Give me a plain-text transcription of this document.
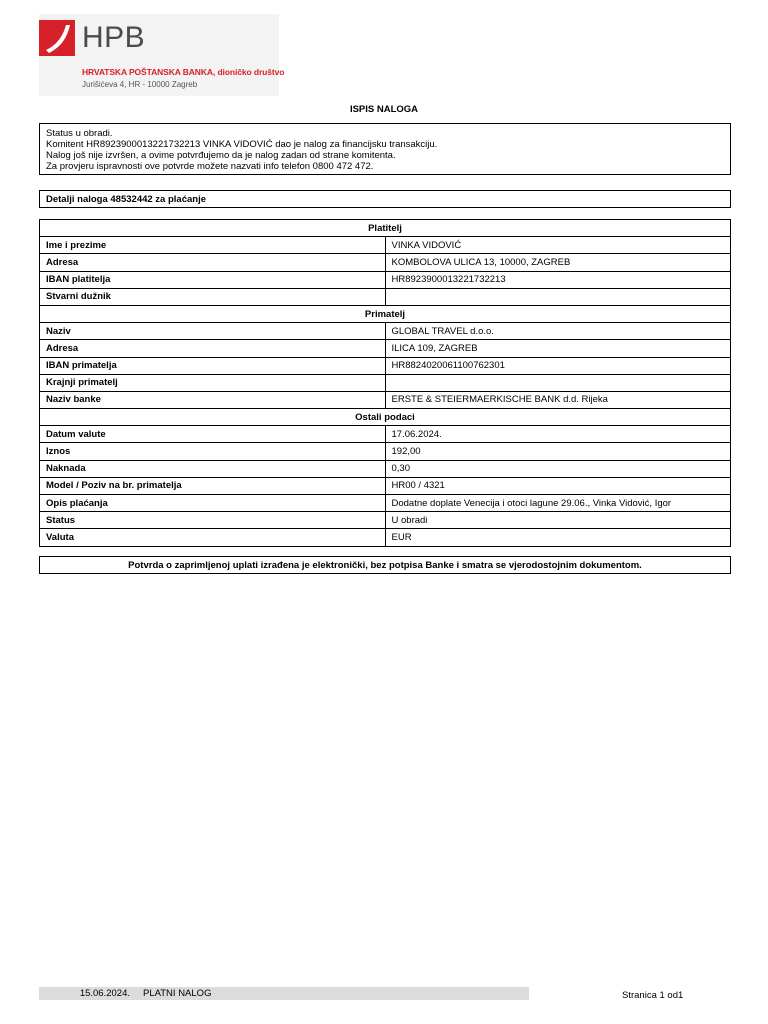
HPB
HRVATSKA POŠTANSKA BANKA, dioničko društvo
Jurišićeva 4, HR - 10000 Zagreb
ISPIS NALOGA
Status u obradi.
Komitent HR8923900013221732213 VINKA VIDOVIĆ dao je nalog za financijsku transakciju.
Nalog još nije izvršen, a ovime potvrđujemo da je nalog zadan od strane komitenta.
Za provjeru ispravnosti ove potvrde možete nazvati info telefon 0800 472 472.
Detalji naloga 48532442 za plaćanje
Platitelj	
Ime i prezime	VINKA VIDOVIĆ
Adresa	KOMBOLOVA ULICA 13, 10000, ZAGREB
IBAN platitelja	HR8923900013221732213
Stvarni dužnik	
Primatelj	
Naziv	GLOBAL TRAVEL d.o.o.
Adresa	ILICA 109, ZAGREB
IBAN primatelja	HR8824020061100762301
Krajnji primatelj	
Naziv banke	ERSTE & STEIERMAERKISCHE BANK d.d. Rijeka
Ostali podaci	
Datum valute	17.06.2024.
Iznos	192,00
Naknada	0,30
Model / Poziv na br. primatelja	HR00 / 4321
Opis plaćanja	Dodatne doplate Venecija i otoci lagune 29.06., Vinka Vidović, Igor
Status	U obradi
Valuta	EUR
Potvrda o zaprimljenoj uplati izrađena je elektronički, bez potpisa Banke i smatra se vjerodostojnim dokumentom.
15.06.2024. PLATNI NALOG	Stranica 1 od1
